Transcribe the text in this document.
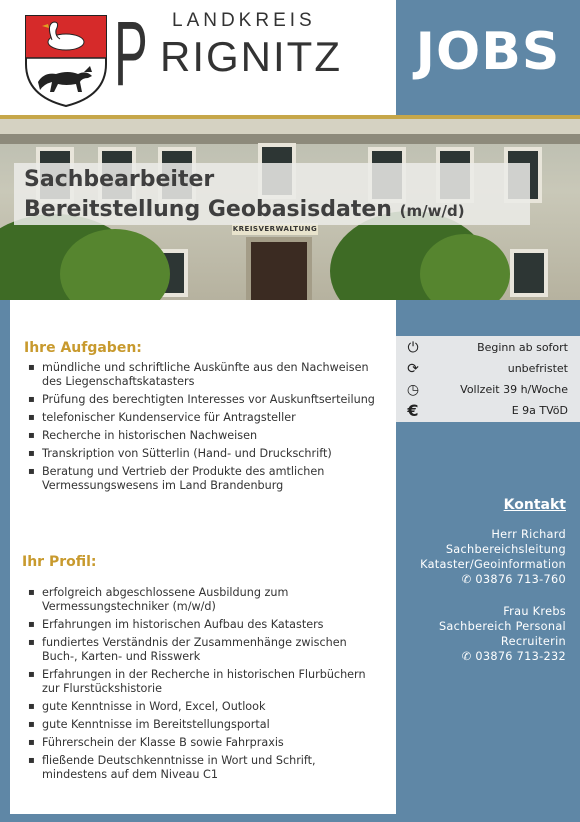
LANDKREIS
P RIGNITZ	JOBS
KREISVERWALTUNG
Sachbearbeiter
Bereitstellung Geobasisdaten (m/w/d)
Ihre Aufgaben:
▪ mündliche und schriftliche Auskünfte aus den Nachweisen des Liegenschaftskatasters
▪ Prüfung des berechtigten Interesses vor Auskunftserteilung
▪ telefonischer Kundenservice für Antragsteller
▪ Recherche in historischen Nachweisen
▪ Transkription von Sütterlin (Hand- und Druckschrift)
▪ Beratung und Vertrieb der Produkte des amtlichen Vermessungswesens im Land Brandenburg
Ihr Profil:
▪ erfolgreich abgeschlossene Ausbildung zum Vermessungstechniker (m/w/d)
▪ Erfahrungen im historischen Aufbau des Katasters
▪ fundiertes Verständnis der Zusammenhänge zwischen Buch-, Karten- und Risswerk
▪ Erfahrungen in der Recherche in historischen Flurbüchern zur Flurstückshistorie
▪ gute Kenntnisse in Word, Excel, Outlook
▪ gute Kenntnisse im Bereitstellungsportal
▪ Führerschein der Klasse B sowie Fahrpraxis
▪ fließende Deutschkenntnisse in Wort und Schrift, mindestens auf dem Niveau C1
⏻	Beginn ab sofort
⟳	unbefristet
◷	Vollzeit 39 h/Woche
€	E 9a TVöD
Kontakt
Herr Richard
Sachbereichsleitung
Kataster/Geoinformation
✆ 03876 713-760
Frau Krebs
Sachbereich Personal
Recruiterin
✆ 03876 713-232
